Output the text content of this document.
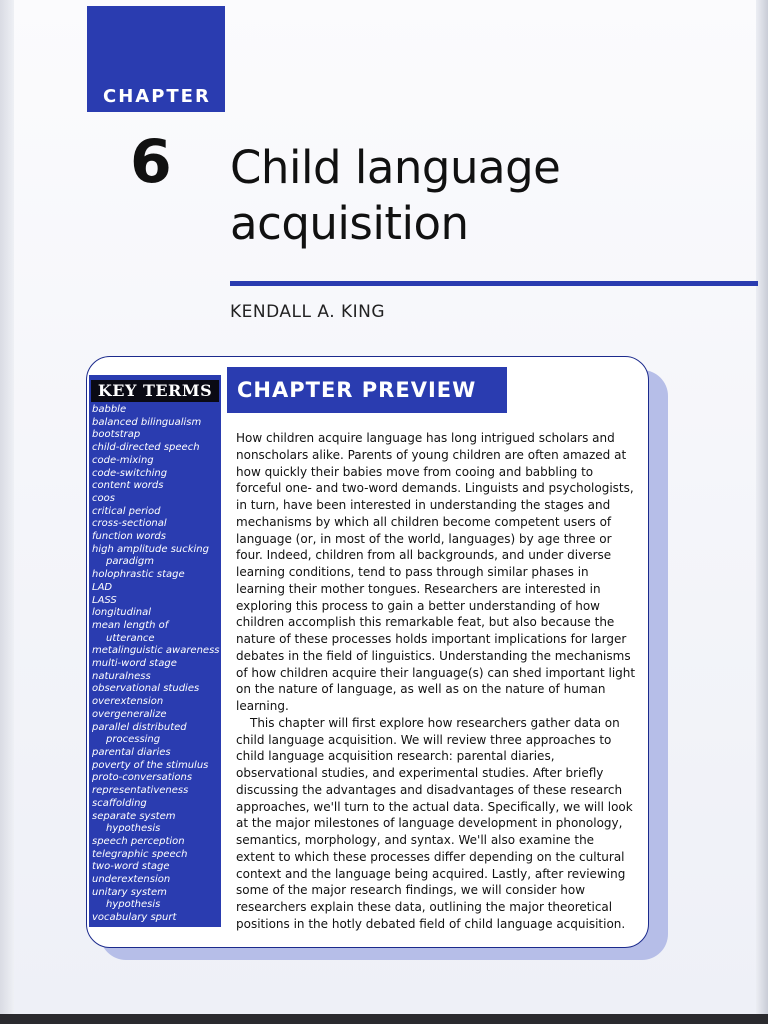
CHAPTER
6 Child language
acquisition
KENDALL A. KING
KEY TERMS
babble
balanced bilingualism
bootstrap
child-directed speech
code-mixing
code-switching
content words
coos
critical period
cross-sectional
function words
high amplitude sucking
paradigm
holophrastic stage
LAD
LASS
longitudinal
mean length of
utterance
metalinguistic awareness
multi-word stage
naturalness
observational studies
overextension
overgeneralize
parallel distributed
processing
parental diaries
poverty of the stimulus
proto-conversations
representativeness
scaffolding
separate system
hypothesis
speech perception
telegraphic speech
two-word stage
underextension
unitary system
hypothesis
vocabulary spurt
CHAPTER PREVIEW

How children acquire language has long intrigued scholars and nonscholars alike. Parents of young children are often amazed at how quickly their babies move from cooing and babbling to forceful one- and two-word demands. Linguists and psychologists, in turn, have been interested in understanding the stages and mechanisms by which all children become competent users of language (or, in most of the world, languages) by age three or four. Indeed, children from all backgrounds, and under diverse learning conditions, tend to pass through similar phases in learning their mother tongues. Researchers are interested in exploring this process to gain a better understanding of how children accomplish this remarkable feat, but also because the nature of these processes holds important implications for larger debates in the field of linguistics. Understanding the mechanisms of how children acquire their language(s) can shed important light on the nature of language, as well as on the nature of human learning.

This chapter will first explore how researchers gather data on child language acquisition. We will review three approaches to child language acquisition research: parental diaries, observational studies, and experimental studies. After briefly discussing the advantages and disadvantages of these research approaches, we'll turn to the actual data. Specifically, we will look at the major milestones of language development in phonology, semantics, morphology, and syntax. We'll also examine the extent to which these processes differ depending on the cultural context and the language being acquired. Lastly, after reviewing some of the major research findings, we will consider how researchers explain these data, outlining the major theoretical positions in the hotly debated field of child language acquisition.
